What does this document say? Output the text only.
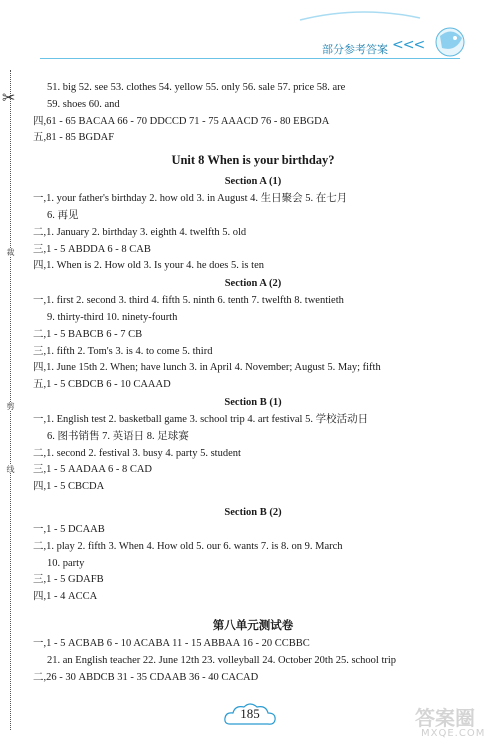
部分参考答案 <<<
✂
裁
剪
线
51. big 52. see 53. clothes 54. yellow 55. only 56. sale 57. price 58. are
59. shoes 60. and
四,61 - 65 BACAA 66 - 70 DDCCD 71 - 75 AAACD 76 - 80 EBGDA
五,81 - 85 BGDAF
Unit 8 When is your birthday?
Section A (1)
一,1. your father's birthday 2. how old 3. in August 4. 生日聚会 5. 在七月
6. 再见
二,1. January 2. birthday 3. eighth 4. twelfth 5. old
三,1 - 5 ABDDA 6 - 8 CAB
四,1. When is 2. How old 3. Is your 4. he does 5. is ten
Section A (2)
一,1. first 2. second 3. third 4. fifth 5. ninth 6. tenth 7. twelfth 8. twentieth
9. thirty-third 10. ninety-fourth
二,1 - 5 BABCB 6 - 7 CB
三,1. fifth 2. Tom's 3. is 4. to come 5. third
四,1. June 15th 2. When; have lunch 3. in April 4. November; August 5. May; fifth
五,1 - 5 CBDCB 6 - 10 CAAAD
Section B (1)
一,1. English test 2. basketball game 3. school trip 4. art festival 5. 学校活动日
6. 图书销售 7. 英语日 8. 足球赛
二,1. second 2. festival 3. busy 4. party 5. student
三,1 - 5 AADAA 6 - 8 CAD
四,1 - 5 CBCDA
Section B (2)
一,1 - 5 DCAAB
二,1. play 2. fifth 3. When 4. How old 5. our 6. wants 7. is 8. on 9. March
10. party
三,1 - 5 GDAFB
四,1 - 4 ACCA
第八单元测试卷
一,1 - 5 ACBAB 6 - 10 ACABA 11 - 15 ABBAA 16 - 20 CCBBC
21. an English teacher 22. June 12th 23. volleyball 24. October 20th 25. school trip
二,26 - 30 ABDCB 31 - 35 CDAAB 36 - 40 CACAD
185	答案圈
MXQE.COM
